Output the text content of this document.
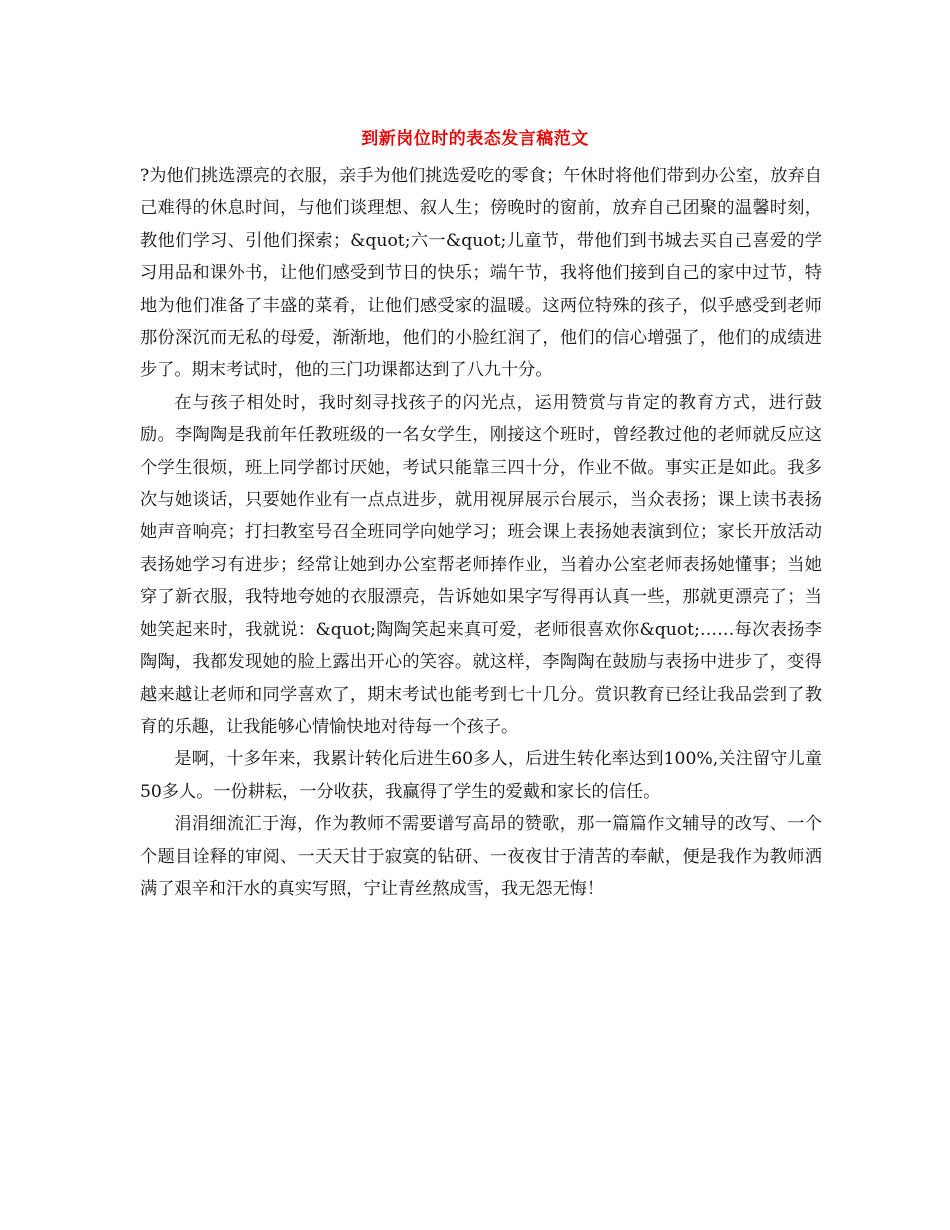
到新岗位时的表态发言稿范文

?为他们挑选漂亮的衣服，亲手为他们挑选爱吃的零食；午休时将他们带到办公室，放弃自己难得的休息时间，与他们谈理想、叙人生；傍晚时的窗前，放弃自己团聚的温馨时刻，教他们学习、引他们探索；&quot;六一&quot;儿童节，带他们到书城去买自己喜爱的学习用品和课外书，让他们感受到节日的快乐；端午节，我将他们接到自己的家中过节，特地为他们准备了丰盛的菜肴，让他们感受家的温暖。这两位特殊的孩子，似乎感受到老师那份深沉而无私的母爱，渐渐地，他们的小脸红润了，他们的信心增强了，他们的成绩进步了。期末考试时，他的三门功课都达到了八九十分。

在与孩子相处时，我时刻寻找孩子的闪光点，运用赞赏与肯定的教育方式，进行鼓励。李陶陶是我前年任教班级的一名女学生，刚接这个班时，曾经教过他的老师就反应这个学生很烦，班上同学都讨厌她，考试只能靠三四十分，作业不做。事实正是如此。我多次与她谈话，只要她作业有一点点进步，就用视屏展示台展示，当众表扬；课上读书表扬她声音响亮；打扫教室号召全班同学向她学习；班会课上表扬她表演到位；家长开放活动表扬她学习有进步；经常让她到办公室帮老师捧作业，当着办公室老师表扬她懂事；当她穿了新衣服，我特地夸她的衣服漂亮，告诉她如果字写得再认真一些，那就更漂亮了；当她笑起来时，我就说：&quot;陶陶笑起来真可爱，老师很喜欢你&quot;……每次表扬李陶陶，我都发现她的脸上露出开心的笑容。就这样，李陶陶在鼓励与表扬中进步了，变得越来越让老师和同学喜欢了，期末考试也能考到七十几分。赏识教育已经让我品尝到了教育的乐趣，让我能够心情愉快地对待每一个孩子。

是啊，十多年来，我累计转化后进生60多人，后进生转化率达到100%,关注留守儿童50多人。一份耕耘，一分收获，我赢得了学生的爱戴和家长的信任。

涓涓细流汇于海，作为教师不需要谱写高昂的赞歌，那一篇篇作文辅导的改写、一个个题目诠释的审阅、一天天甘于寂寞的钻研、一夜夜甘于清苦的奉献，便是我作为教师洒满了艰辛和汗水的真实写照，宁让青丝熬成雪，我无怨无悔！
